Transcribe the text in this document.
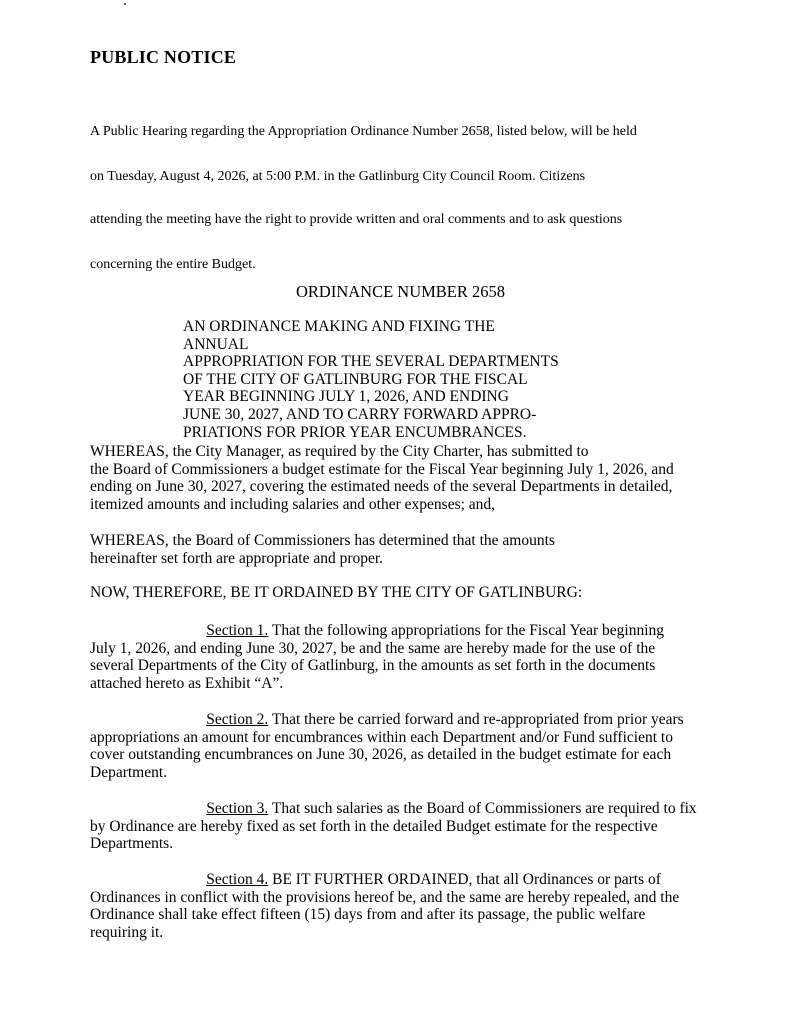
PUBLIC NOTICE
A Public Hearing regarding the Appropriation Ordinance Number 2658, listed below, will be held
on Tuesday, August 4, 2026, at 5:00 P.M. in the Gatlinburg City Council Room. Citizens
attending the meeting have the right to provide written and oral comments and to ask questions
concerning the entire Budget.
ORDINANCE NUMBER 2658
AN ORDINANCE MAKING AND FIXING THE ANNUAL
APPROPRIATION FOR THE SEVERAL DEPARTMENTS
OF THE CITY OF GATLINBURG FOR THE FISCAL
YEAR BEGINNING JULY 1, 2026, AND ENDING
JUNE 30, 2027, AND TO CARRY FORWARD APPRO-
PRIATIONS FOR PRIOR YEAR ENCUMBRANCES.
WHEREAS, the City Manager, as required by the City Charter, has submitted to
the Board of Commissioners a budget estimate for the Fiscal Year beginning July 1, 2026, and
ending on June 30, 2027, covering the estimated needs of the several Departments in detailed,
itemized amounts and including salaries and other expenses; and,
WHEREAS, the Board of Commissioners has determined that the amounts
hereinafter set forth are appropriate and proper.
NOW, THEREFORE, BE IT ORDAINED BY THE CITY OF GATLINBURG:
Section 1. That the following appropriations for the Fiscal Year beginning
July 1, 2026, and ending June 30, 2027, be and the same are hereby made for the use of the
several Departments of the City of Gatlinburg, in the amounts as set forth in the documents
attached hereto as Exhibit “A”.
Section 2. That there be carried forward and re-appropriated from prior years
appropriations an amount for encumbrances within each Department and/or Fund sufficient to
cover outstanding encumbrances on June 30, 2026, as detailed in the budget estimate for each
Department.
Section 3. That such salaries as the Board of Commissioners are required to fix
by Ordinance are hereby fixed as set forth in the detailed Budget estimate for the respective
Departments.
Section 4. BE IT FURTHER ORDAINED, that all Ordinances or parts of
Ordinances in conflict with the provisions hereof be, and the same are hereby repealed, and the
Ordinance shall take effect fifteen (15) days from and after its passage, the public welfare
requiring it.
